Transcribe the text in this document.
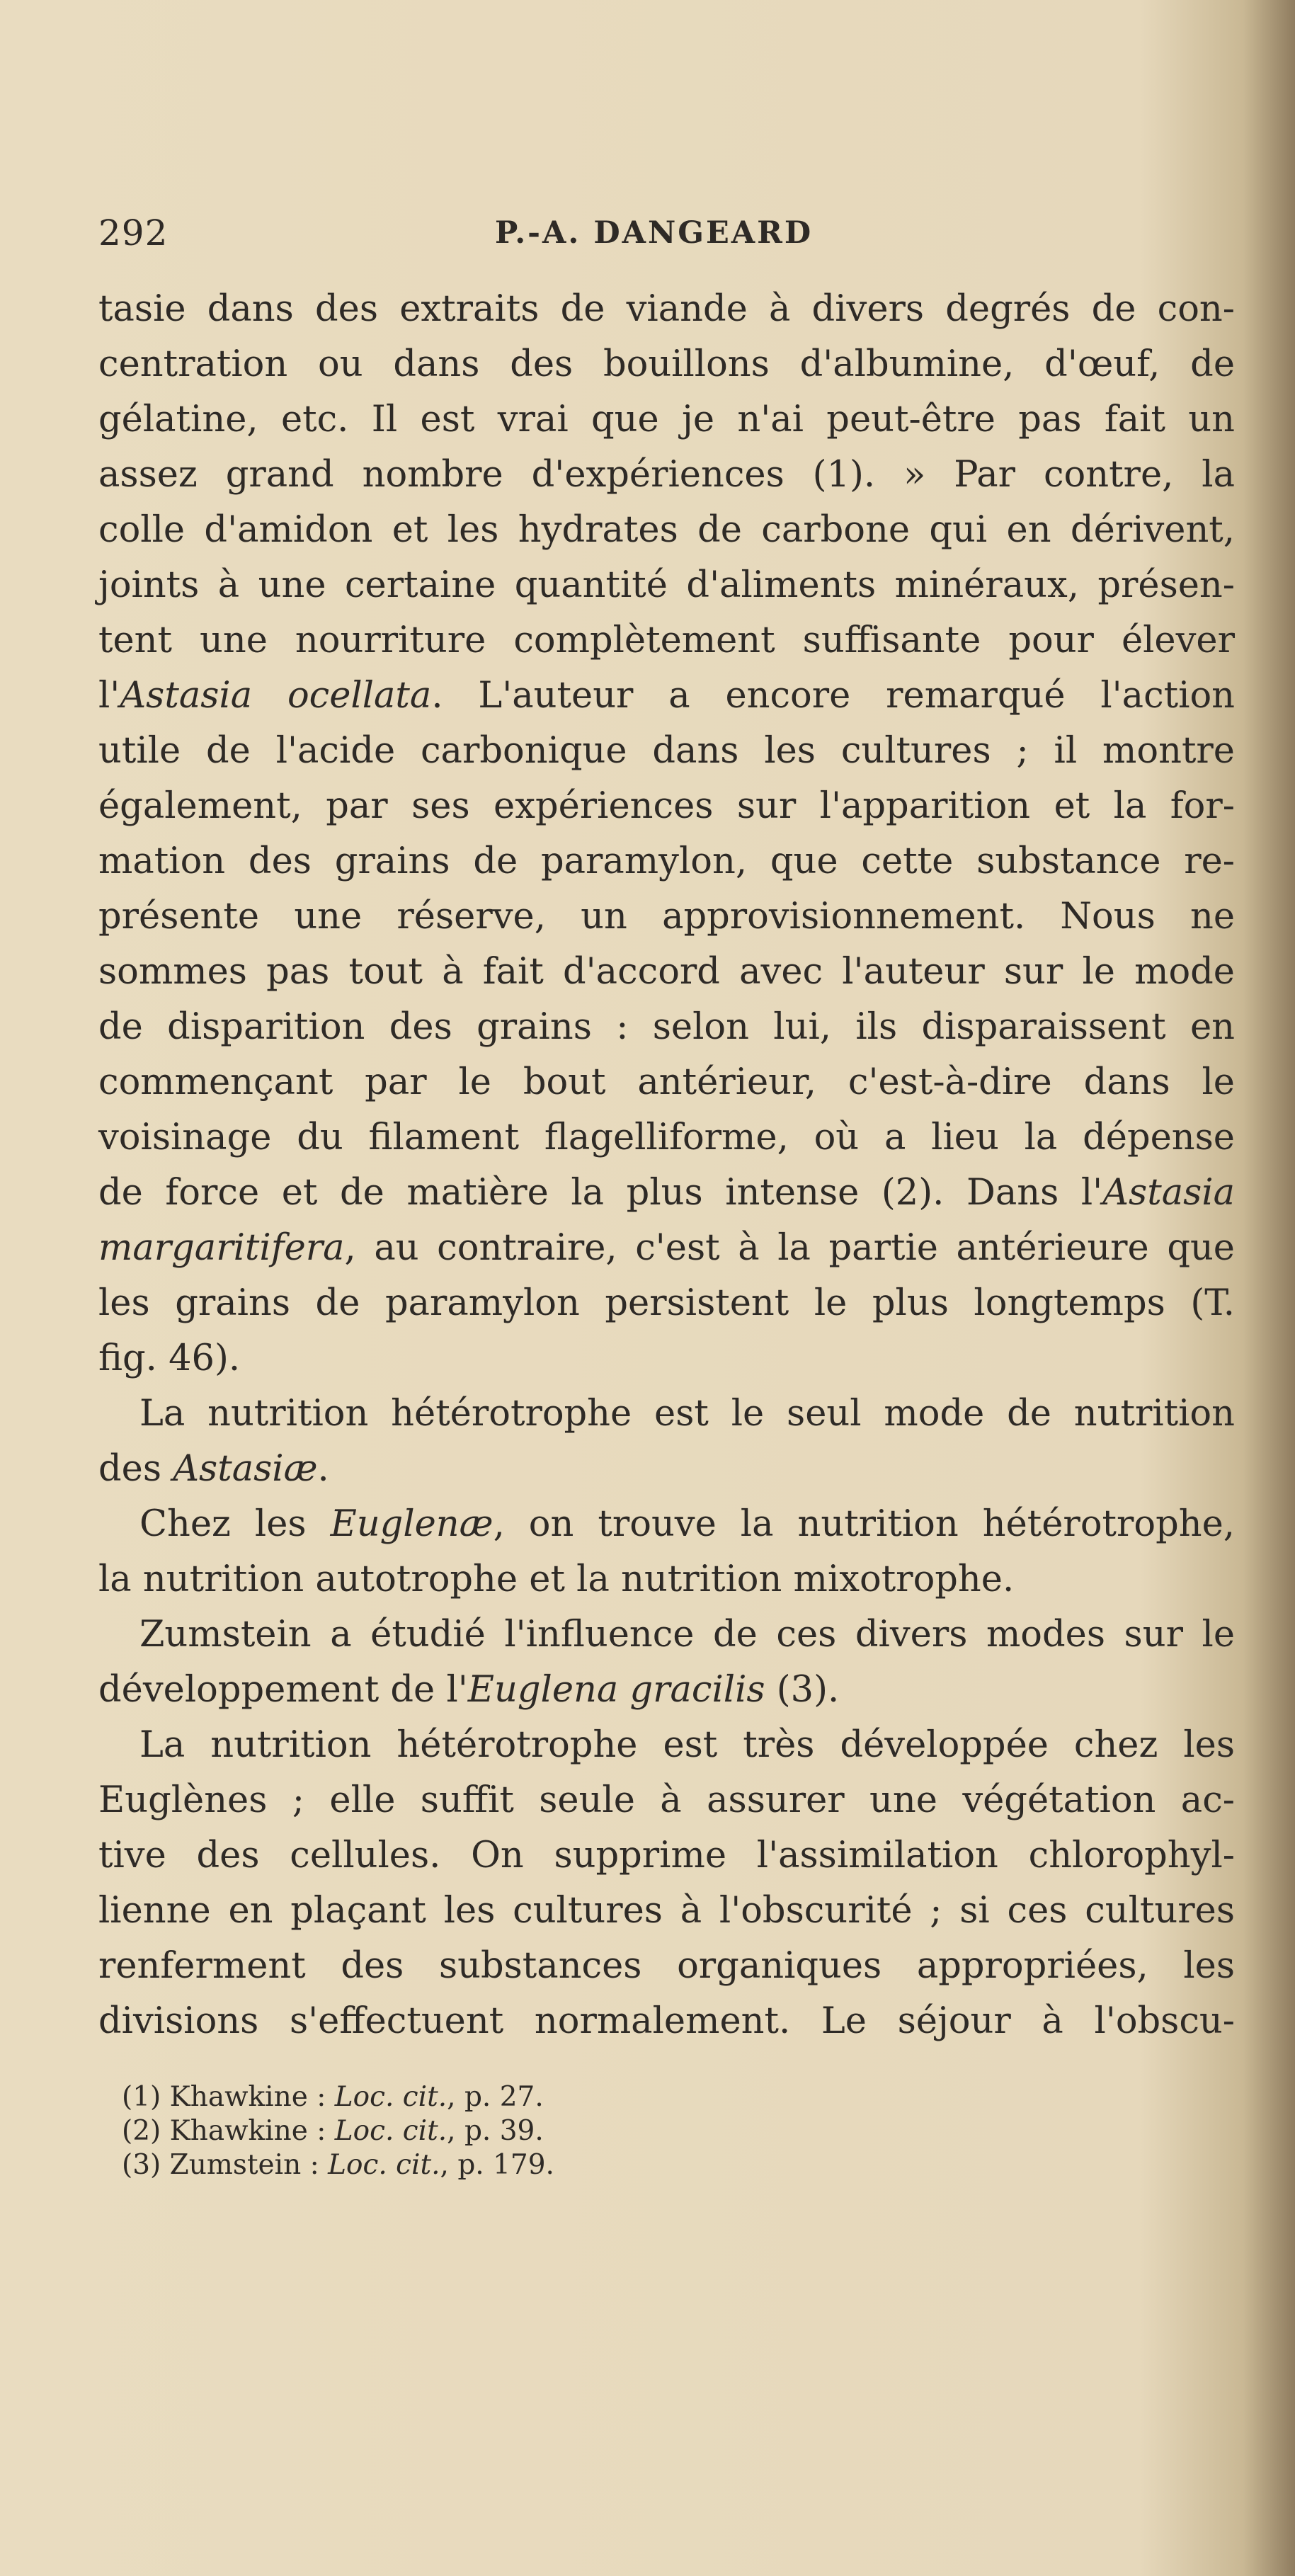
292	P.-A. DANGEARD
tasie dans des extraits de viande à divers degrés de con-
centration ou dans des bouillons d'albumine, d'œuf, de
gélatine, etc. Il est vrai que je n'ai peut-être pas fait un
assez grand nombre d'expériences (1). » Par contre, la
colle d'amidon et les hydrates de carbone qui en dérivent,
joints à une certaine quantité d'aliments minéraux, présen-
tent une nourriture complètement suffisante pour élever
l'Astasia ocellata. L'auteur a encore remarqué l'action
utile de l'acide carbonique dans les cultures ; il montre
également, par ses expériences sur l'apparition et la for-
mation des grains de paramylon, que cette substance re-
présente une réserve, un approvisionnement. Nous ne
sommes pas tout à fait d'accord avec l'auteur sur le mode
de disparition des grains : selon lui, ils disparaissent en
commençant par le bout antérieur, c'est-à-dire dans le
voisinage du filament flagelliforme, où a lieu la dépense
de force et de matière la plus intense (2). Dans l'Astasia
margaritifera, au contraire, c'est à la partie antérieure que
les grains de paramylon persistent le plus longtemps (T.
fig. 46).
La nutrition hétérotrophe est le seul mode de nutrition
des Astasiæ.
Chez les Euglenæ, on trouve la nutrition hétérotrophe,
la nutrition autotrophe et la nutrition mixotrophe.
Zumstein a étudié l'influence de ces divers modes sur le
développement de l'Euglena gracilis (3).
La nutrition hétérotrophe est très développée chez les
Euglènes ; elle suffit seule à assurer une végétation ac-
tive des cellules. On supprime l'assimilation chlorophyl-
lienne en plaçant les cultures à l'obscurité ; si ces cultures
renferment des substances organiques appropriées, les
divisions s'effectuent normalement. Le séjour à l'obscu-
(1) Khawkine : Loc. cit., p. 27.
(2) Khawkine : Loc. cit., p. 39.
(3) Zumstein : Loc. cit., p. 179.
